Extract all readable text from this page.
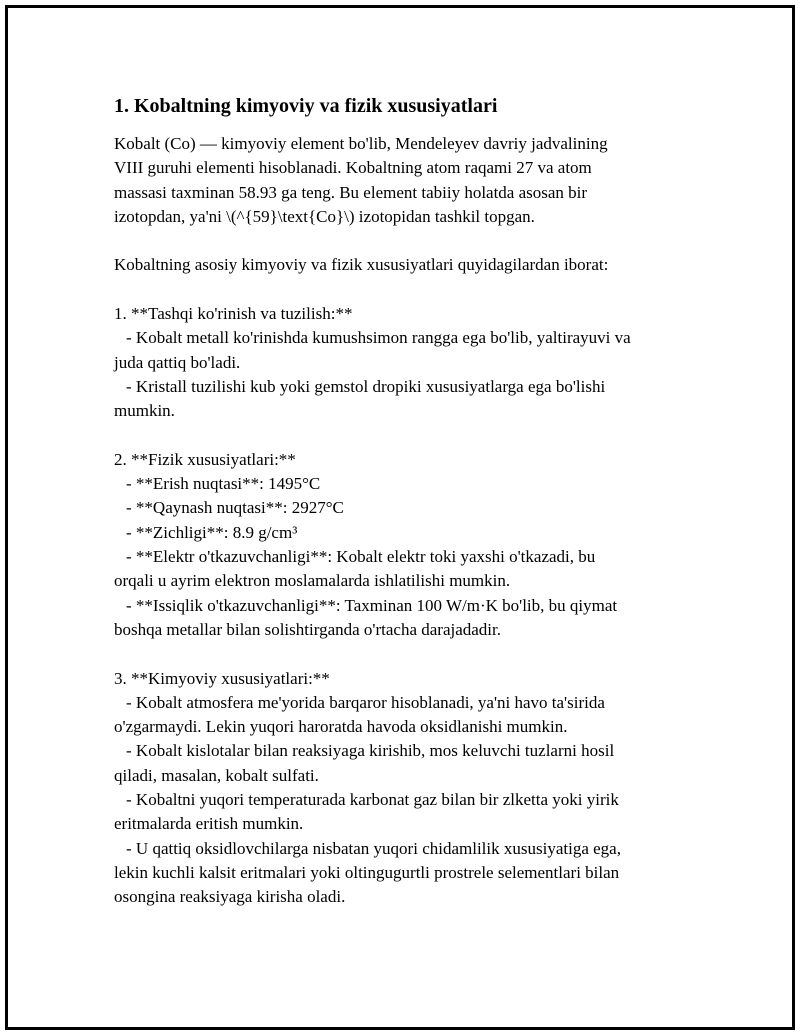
1. Kobaltning kimyoviy va fizik xususiyatlari

Kobalt (Co) — kimyoviy element bo'lib, Mendeleyev davriy jadvalining

VIII guruhi elementi hisoblanadi. Kobaltning atom raqami 27 va atom

massasi taxminan 58.93 ga teng. Bu element tabiiy holatda asosan bir

izotopdan, ya'ni \(^{59}\text{Co}\) izotopidan tashkil topgan.

Kobaltning asosiy kimyoviy va fizik xususiyatlari quyidagilardan iborat:

1. **Tashqi ko'rinish va tuzilish:**

- Kobalt metall ko'rinishda kumushsimon rangga ega bo'lib, yaltirayuvi va

juda qattiq bo'ladi.

- Kristall tuzilishi kub yoki gemstol dropiki xususiyatlarga ega bo'lishi

mumkin.

2. **Fizik xususiyatlari:**

- **Erish nuqtasi**: 1495°C

- **Qaynash nuqtasi**: 2927°C

- **Zichligi**: 8.9 g/cm³

- **Elektr o'tkazuvchanligi**: Kobalt elektr toki yaxshi o'tkazadi, bu

orqali u ayrim elektron moslamalarda ishlatilishi mumkin.

- **Issiqlik o'tkazuvchanligi**: Taxminan 100 W/m·K bo'lib, bu qiymat

boshqa metallar bilan solishtirganda o'rtacha darajadadir.

3. **Kimyoviy xususiyatlari:**

- Kobalt atmosfera me'yorida barqaror hisoblanadi, ya'ni havo ta'sirida

o'zgarmaydi. Lekin yuqori haroratda havoda oksidlanishi mumkin.

- Kobalt kislotalar bilan reaksiyaga kirishib, mos keluvchi tuzlarni hosil

qiladi, masalan, kobalt sulfati.

- Kobaltni yuqori temperaturada karbonat gaz bilan bir zlketta yoki yirik

eritmalarda eritish mumkin.

- U qattiq oksidlovchilarga nisbatan yuqori chidamlilik xususiyatiga ega,

lekin kuchli kalsit eritmalari yoki oltingugurtli prostrele selementlari bilan

osongina reaksiyaga kirisha oladi.
